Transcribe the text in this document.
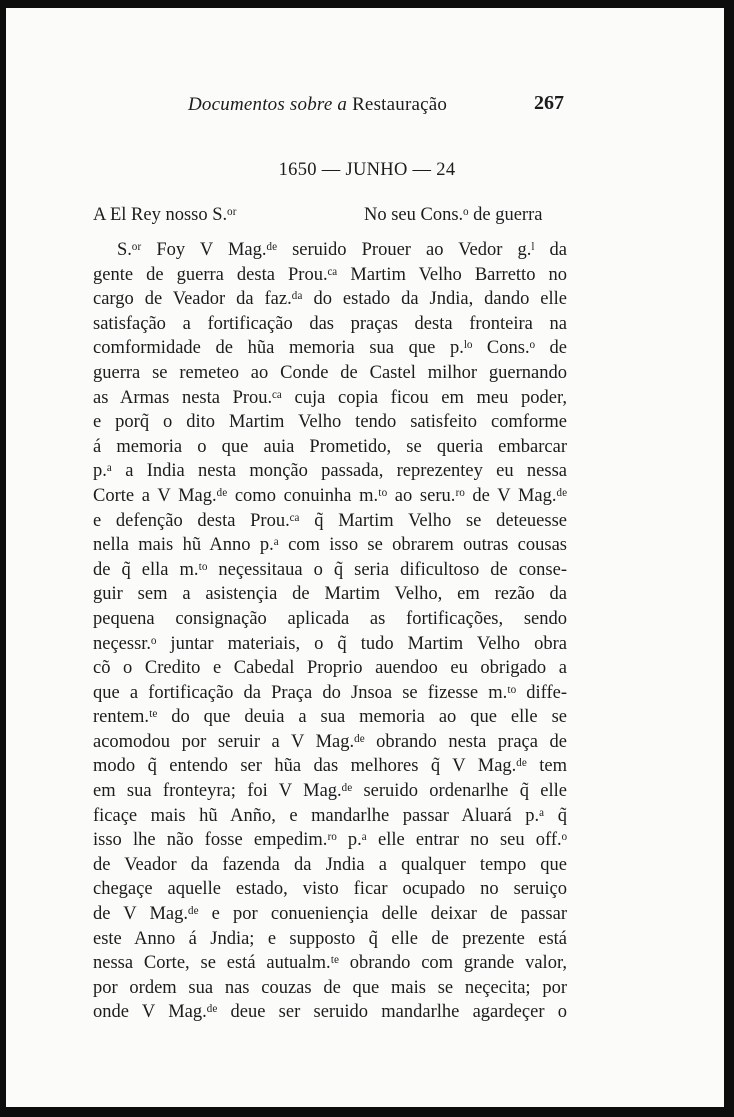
Documentos sobre a Restauração	267
1650 — JUNHO — 24
A El Rey nosso S.ᵒʳ	No seu Cons.ᵒ de guerra
S.ᵒʳ Foy V Mag.ᵈᵉ seruido Prouer ao Vedor g.ˡ da
gente de guerra desta Prou.ᶜᵃ Martim Velho Barretto no
cargo de Veador da faz.ᵈᵃ do estado da Jndia, dando elle
satisfação a fortificação das praças desta fronteira na
comformidade de hũa memoria sua que p.ˡᵒ Cons.ᵒ de
guerra se remeteo ao Conde de Castel milhor guernando
as Armas nesta Prou.ᶜᵃ cuja copia ficou em meu poder,
e porq̃ o dito Martim Velho tendo satisfeito comforme
á memoria o que auia Prometido, se queria embarcar
p.ᵃ a India nesta monção passada, reprezentey eu nessa
Corte a V Mag.ᵈᵉ como conuinha m.ᵗᵒ ao seru.ʳᵒ de V Mag.ᵈᵉ
e defenção desta Prou.ᶜᵃ q̃ Martim Velho se deteuesse
nella mais hũ Anno p.ᵃ com isso se obrarem outras cousas
de q̃ ella m.ᵗᵒ neçessitaua o q̃ seria dificultoso de conse-
guir sem a asistençia de Martim Velho, em rezão da
pequena consignação aplicada as fortificações, sendo
neçessr.ᵒ juntar materiais, o q̃ tudo Martim Velho obra
cõ o Credito e Cabedal Proprio auendoo eu obrigado a
que a fortificação da Praça do Jnsoa se fizesse m.ᵗᵒ diffe-
rentem.ᵗᵉ do que deuia a sua memoria ao que elle se
acomodou por seruir a V Mag.ᵈᵉ obrando nesta praça de
modo q̃ entendo ser hũa das melhores q̃ V Mag.ᵈᵉ tem
em sua fronteyra; foi V Mag.ᵈᵉ seruido ordenarlhe q̃ elle
ficaçe mais hũ Anño, e mandarlhe passar Aluará p.ᵃ q̃
isso lhe não fosse empedim.ʳᵒ p.ᵃ elle entrar no seu off.ᵒ
de Veador da fazenda da Jndia a qualquer tempo que
chegaçe aquelle estado, visto ficar ocupado no seruiço
de V Mag.ᵈᵉ e por conueniençia delle deixar de passar
este Anno á Jndia; e supposto q̃ elle de prezente está
nessa Corte, se está autualm.ᵗᵉ obrando com grande valor,
por ordem sua nas couzas de que mais se neçecita; por
onde V Mag.ᵈᵉ deue ser seruido mandarlhe agardeçer o
